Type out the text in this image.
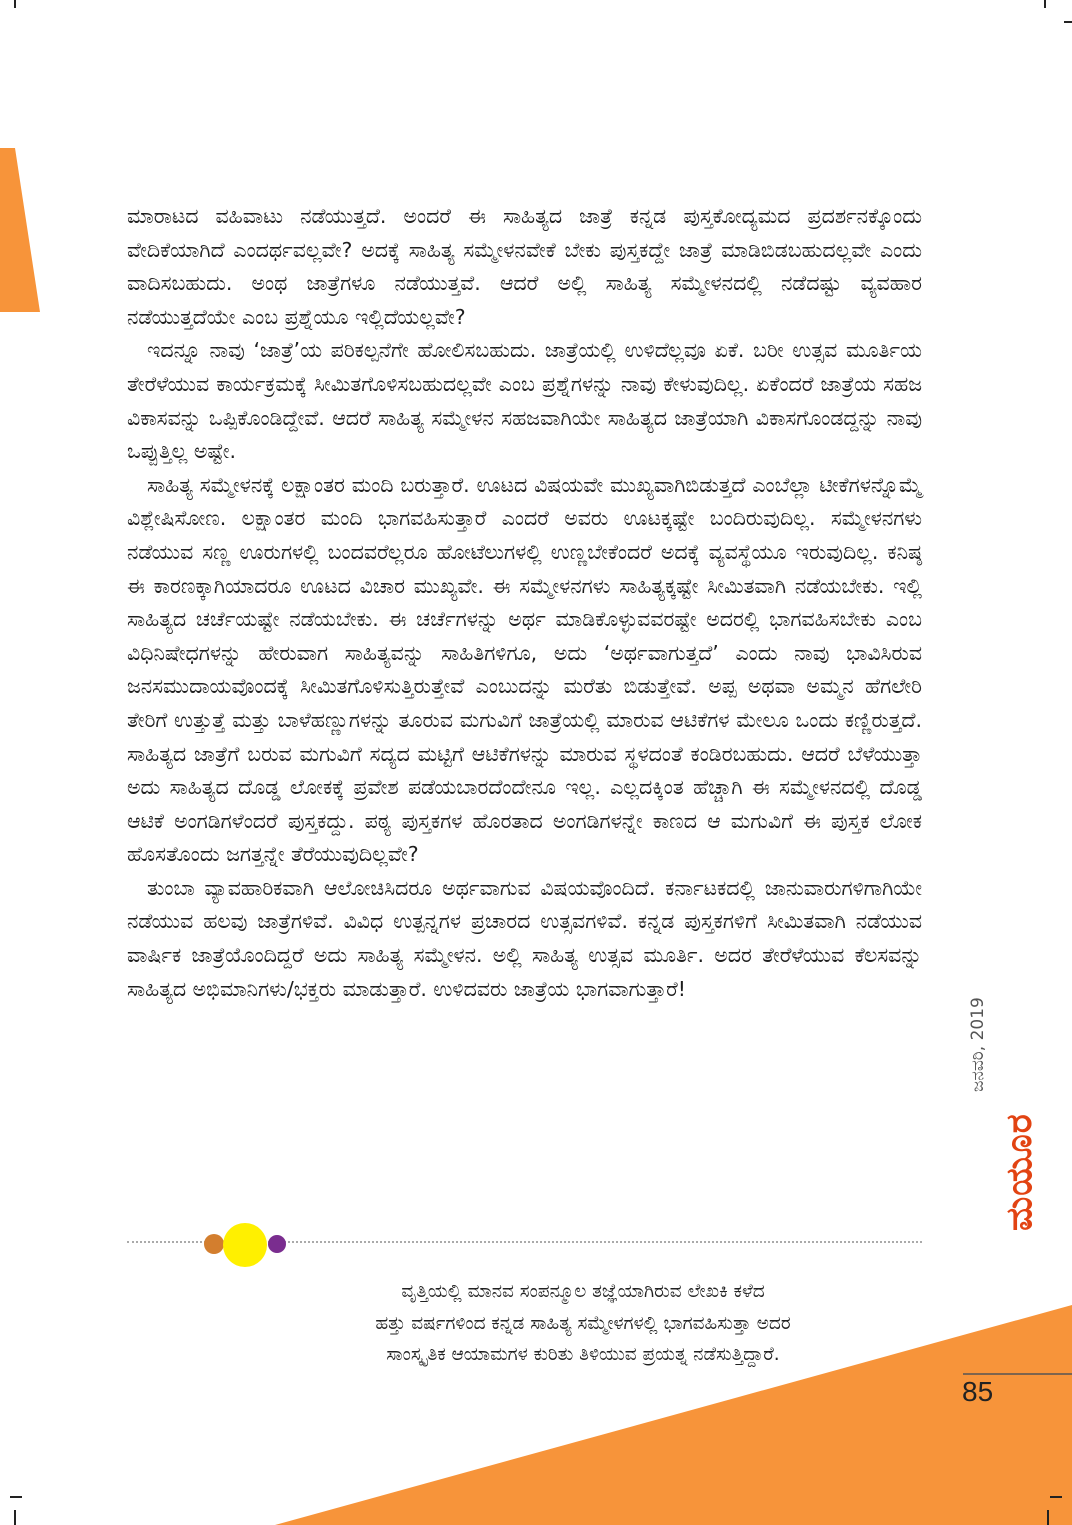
ಮಾರಾಟದ ವಹಿವಾಟು ನಡೆಯುತ್ತದೆ. ಅಂದರೆ ಈ ಸಾಹಿತ್ಯದ ಜಾತ್ರೆ ಕನ್ನಡ ಪುಸ್ತಕೋದ್ಯಮದ ಪ್ರದರ್ಶನಕ್ಕೊಂದು ವೇದಿಕೆಯಾಗಿದೆ ಎಂದರ್ಥವಲ್ಲವೇ? ಅದಕ್ಕೆ ಸಾಹಿತ್ಯ ಸಮ್ಮೇಳನವೇಕೆ ಬೇಕು ಪುಸ್ತಕದ್ದೇ ಜಾತ್ರೆ ಮಾಡಿಬಿಡಬಹುದಲ್ಲವೇ ಎಂದು ವಾದಿಸಬಹುದು. ಅಂಥ ಜಾತ್ರೆಗಳೂ ನಡೆಯುತ್ತವೆ. ಆದರೆ ಅಲ್ಲಿ ಸಾಹಿತ್ಯ ಸಮ್ಮೇಳನದಲ್ಲಿ ನಡೆದಷ್ಟು ವ್ಯವಹಾರ ನಡೆಯುತ್ತದೆಯೇ ಎಂಬ ಪ್ರಶ್ನೆಯೂ ಇಲ್ಲಿದೆಯಲ್ಲವೇ?

ಇದನ್ನೂ ನಾವು ‘ಜಾತ್ರೆ’ಯ ಪರಿಕಲ್ಪನೆಗೇ ಹೋಲಿಸಬಹುದು. ಜಾತ್ರೆಯಲ್ಲಿ ಉಳಿದೆಲ್ಲವೂ ಏಕೆ. ಬರೀ ಉತ್ಸವ ಮೂರ್ತಿಯ ತೇರೆಳೆಯುವ ಕಾರ್ಯಕ್ರಮಕ್ಕೆ ಸೀಮಿತಗೊಳಿಸಬಹುದಲ್ಲವೇ ಎಂಬ ಪ್ರಶ್ನೆಗಳನ್ನು ನಾವು ಕೇಳುವುದಿಲ್ಲ. ಏಕೆಂದರೆ ಜಾತ್ರೆಯ ಸಹಜ ವಿಕಾಸವನ್ನು ಒಪ್ಪಿಕೊಂಡಿದ್ದೇವೆ. ಆದರೆ ಸಾಹಿತ್ಯ ಸಮ್ಮೇಳನ ಸಹಜವಾಗಿಯೇ ಸಾಹಿತ್ಯದ ಜಾತ್ರೆಯಾಗಿ ವಿಕಾಸಗೊಂಡದ್ದನ್ನು ನಾವು ಒಪ್ಪುತ್ತಿಲ್ಲ ಅಷ್ಟೇ.

ಸಾಹಿತ್ಯ ಸಮ್ಮೇಳನಕ್ಕೆ ಲಕ್ಷಾಂತರ ಮಂದಿ ಬರುತ್ತಾರೆ. ಊಟದ ವಿಷಯವೇ ಮುಖ್ಯವಾಗಿಬಿಡುತ್ತದೆ ಎಂಬೆಲ್ಲಾ ಟೀಕೆಗಳನ್ನೊಮ್ಮೆ ವಿಶ್ಲೇಷಿಸೋಣ. ಲಕ್ಷಾಂತರ ಮಂದಿ ಭಾಗವಹಿಸುತ್ತಾರೆ ಎಂದರೆ ಅವರು ಊಟಕ್ಕಷ್ಟೇ ಬಂದಿರುವುದಿಲ್ಲ. ಸಮ್ಮೇಳನಗಳು ನಡೆಯುವ ಸಣ್ಣ ಊರುಗಳಲ್ಲಿ ಬಂದವರೆಲ್ಲರೂ ಹೋಟೆಲುಗಳಲ್ಲಿ ಉಣ್ಣಬೇಕೆಂದರೆ ಅದಕ್ಕೆ ವ್ಯವಸ್ಥೆಯೂ ಇರುವುದಿಲ್ಲ. ಕನಿಷ್ಠ ಈ ಕಾರಣಕ್ಕಾಗಿಯಾದರೂ ಊಟದ ವಿಚಾರ ಮುಖ್ಯವೇ. ಈ ಸಮ್ಮೇಳನಗಳು ಸಾಹಿತ್ಯಕ್ಕಷ್ಟೇ ಸೀಮಿತವಾಗಿ ನಡೆಯಬೇಕು. ಇಲ್ಲಿ ಸಾಹಿತ್ಯದ ಚರ್ಚೆಯಷ್ಟೇ ನಡೆಯಬೇಕು. ಈ ಚರ್ಚೆಗಳನ್ನು ಅರ್ಥ ಮಾಡಿಕೊಳ್ಳುವವರಷ್ಟೇ ಅದರಲ್ಲಿ ಭಾಗವಹಿಸಬೇಕು ಎಂಬ ವಿಧಿನಿಷೇಧಗಳನ್ನು ಹೇರುವಾಗ ಸಾಹಿತ್ಯವನ್ನು ಸಾಹಿತಿಗಳಿಗೂ, ಅದು ‘ಅರ್ಥವಾಗುತ್ತದೆ’ ಎಂದು ನಾವು ಭಾವಿಸಿರುವ ಜನಸಮುದಾಯವೊಂದಕ್ಕೆ ಸೀಮಿತಗೊಳಿಸುತ್ತಿರುತ್ತೇವೆ ಎಂಬುದನ್ನು ಮರೆತು ಬಿಡುತ್ತೇವೆ. ಅಪ್ಪ ಅಥವಾ ಅಮ್ಮನ ಹೆಗಲೇರಿ ತೇರಿಗೆ ಉತ್ತುತ್ತೆ ಮತ್ತು ಬಾಳೆಹಣ್ಣುಗಳನ್ನು ತೂರುವ ಮಗುವಿಗೆ ಜಾತ್ರೆಯಲ್ಲಿ ಮಾರುವ ಆಟಿಕೆಗಳ ಮೇಲೂ ಒಂದು ಕಣ್ಣಿರುತ್ತದೆ. ಸಾಹಿತ್ಯದ ಜಾತ್ರೆಗೆ ಬರುವ ಮಗುವಿಗೆ ಸದ್ಯದ ಮಟ್ಟಿಗೆ ಆಟಿಕೆಗಳನ್ನು ಮಾರುವ ಸ್ಥಳದಂತೆ ಕಂಡಿರಬಹುದು. ಆದರೆ ಬೆಳೆಯುತ್ತಾ ಅದು ಸಾಹಿತ್ಯದ ದೊಡ್ಡ ಲೋಕಕ್ಕೆ ಪ್ರವೇಶ ಪಡೆಯಬಾರದೆಂದೇನೂ ಇಲ್ಲ. ಎಲ್ಲದಕ್ಕಿಂತ ಹೆಚ್ಚಾಗಿ ಈ ಸಮ್ಮೇಳನದಲ್ಲಿ ದೊಡ್ಡ ಆಟಿಕೆ ಅಂಗಡಿಗಳೆಂದರೆ ಪುಸ್ತಕದ್ದು. ಪಠ್ಯ ಪುಸ್ತಕಗಳ ಹೊರತಾದ ಅಂಗಡಿಗಳನ್ನೇ ಕಾಣದ ಆ ಮಗುವಿಗೆ ಈ ಪುಸ್ತಕ ಲೋಕ ಹೊಸತೊಂದು ಜಗತ್ತನ್ನೇ ತೆರೆಯುವುದಿಲ್ಲವೇ?

ತುಂಬಾ ವ್ಯಾವಹಾರಿಕವಾಗಿ ಆಲೋಚಿಸಿದರೂ ಅರ್ಥವಾಗುವ ವಿಷಯವೊಂದಿದೆ. ಕರ್ನಾಟಕದಲ್ಲಿ ಜಾನುವಾರುಗಳಿಗಾಗಿಯೇ ನಡೆಯುವ ಹಲವು ಜಾತ್ರೆಗಳಿವೆ. ವಿವಿಧ ಉತ್ಪನ್ನಗಳ ಪ್ರಚಾರದ ಉತ್ಸವಗಳಿವೆ. ಕನ್ನಡ ಪುಸ್ತಕಗಳಿಗೆ ಸೀಮಿತವಾಗಿ ನಡೆಯುವ ವಾರ್ಷಿಕ ಜಾತ್ರೆಯೊಂದಿದ್ದರೆ ಅದು ಸಾಹಿತ್ಯ ಸಮ್ಮೇಳನ. ಅಲ್ಲಿ ಸಾಹಿತ್ಯ ಉತ್ಸವ ಮೂರ್ತಿ. ಅದರ ತೇರೆಳೆಯುವ ಕೆಲಸವನ್ನು ಸಾಹಿತ್ಯದ ಅಭಿಮಾನಿಗಳು/ಭಕ್ತರು ಮಾಡುತ್ತಾರೆ. ಉಳಿದವರು ಜಾತ್ರೆಯ ಭಾಗವಾಗುತ್ತಾರೆ!

ವೃತ್ತಿಯಲ್ಲಿ ಮಾನವ ಸಂಪನ್ಮೂಲ ತಜ್ಞೆಯಾಗಿರುವ ಲೇಖಕಿ ಕಳೆದ

ಹತ್ತು ವರ್ಷಗಳಿಂದ ಕನ್ನಡ ಸಾಹಿತ್ಯ ಸಮ್ಮೇಳಗಳಲ್ಲಿ ಭಾಗವಹಿಸುತ್ತಾ ಅದರ

ಸಾಂಸ್ಕೃತಿಕ ಆಯಾಮಗಳ ಕುರಿತು ತಿಳಿಯುವ ಪ್ರಯತ್ನ ನಡೆಸುತ್ತಿದ್ದಾರೆ.

ಜನವರಿ, 2019
ಮಯೂರ
85
